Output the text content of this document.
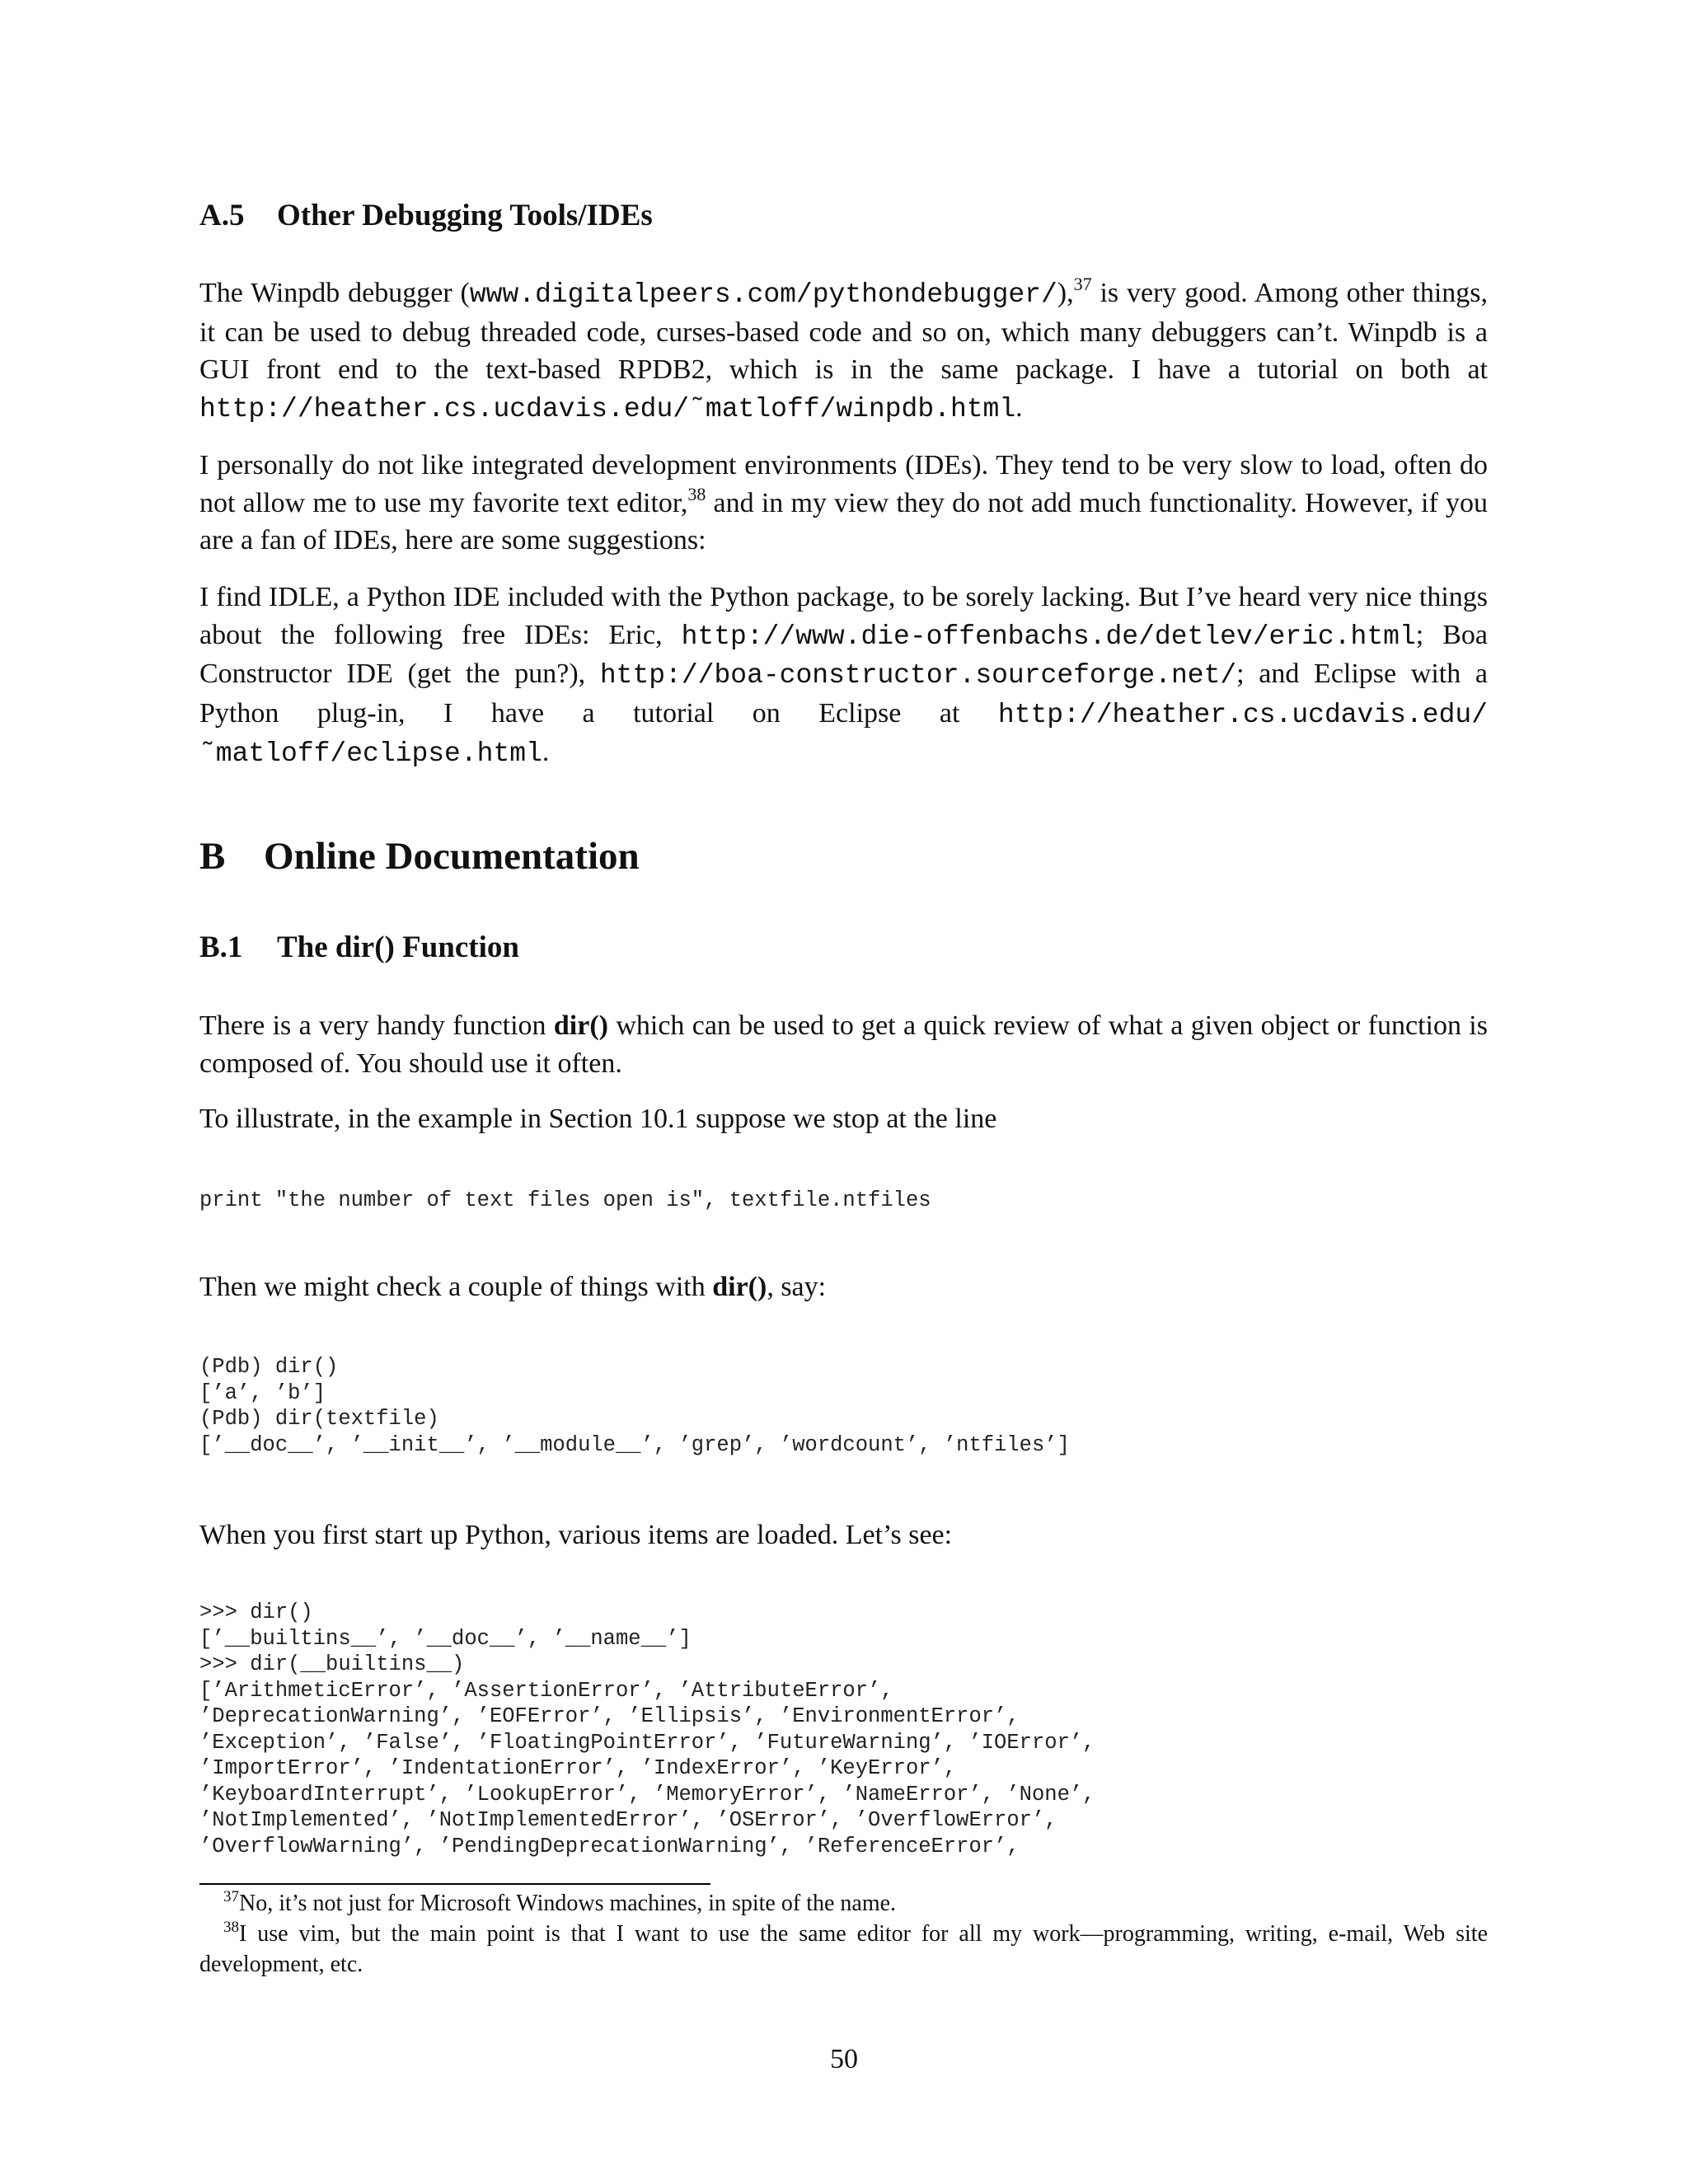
A.5 Other Debugging Tools/IDEs

The Winpdb debugger (www.digitalpeers.com/pythondebugger/),$^{37}$ is very good. Among other things, it can be used to debug threaded code, curses-based code and so on, which many debuggers can’t. Winpdb is a GUI front end to the text-based RPDB2, which is in the same package. I have a tutorial on both at http://heather.cs.ucdavis.edu/˜matloff/winpdb.html.

I personally do not like integrated development environments (IDEs). They tend to be very slow to load, often do not allow me to use my favorite text editor,$^{38}$ and in my view they do not add much functionality. However, if you are a fan of IDEs, here are some suggestions:

I find IDLE, a Python IDE included with the Python package, to be sorely lacking. But I’ve heard very nice things about the following free IDEs: Eric, http://www.die-offenbachs.de/detlev/eric.html; Boa Constructor IDE (get the pun?), http://boa-constructor.sourceforge.net/; and Eclipse with a Python plug-in, I have a tutorial on Eclipse at http://heather.cs.ucdavis.edu/˜matloff/eclipse.html.

B Online Documentation
B.1 The dir() Function

There is a very handy function dir() which can be used to get a quick review of what a given object or function is composed of. You should use it often.

To illustrate, in the example in Section 10.1 suppose we stop at the line

print "the number of text files open is", textfile.ntfiles

Then we might check a couple of things with dir(), say:

(Pdb) dir()
[’a’, ’b’]
(Pdb) dir(textfile)
[’__doc__’, ’__init__’, ’__module__’, ’grep’, ’wordcount’, ’ntfiles’]

When you first start up Python, various items are loaded. Let’s see:

>>> dir()
[’__builtins__’, ’__doc__’, ’__name__’]
>>> dir(__builtins__)
[’ArithmeticError’, ’AssertionError’, ’AttributeError’,
’DeprecationWarning’, ’EOFError’, ’Ellipsis’, ’EnvironmentError’,
’Exception’, ’False’, ’FloatingPointError’, ’FutureWarning’, ’IOError’,
’ImportError’, ’IndentationError’, ’IndexError’, ’KeyError’,
’KeyboardInterrupt’, ’LookupError’, ’MemoryError’, ’NameError’, ’None’,
’NotImplemented’, ’NotImplementedError’, ’OSError’, ’OverflowError’,
’OverflowWarning’, ’PendingDeprecationWarning’, ’ReferenceError’,

$^{37}$No, it’s not just for Microsoft Windows machines, in spite of the name.

$^{38}$I use vim, but the main point is that I want to use the same editor for all my work—programming, writing, e-mail, Web site development, etc.

50
